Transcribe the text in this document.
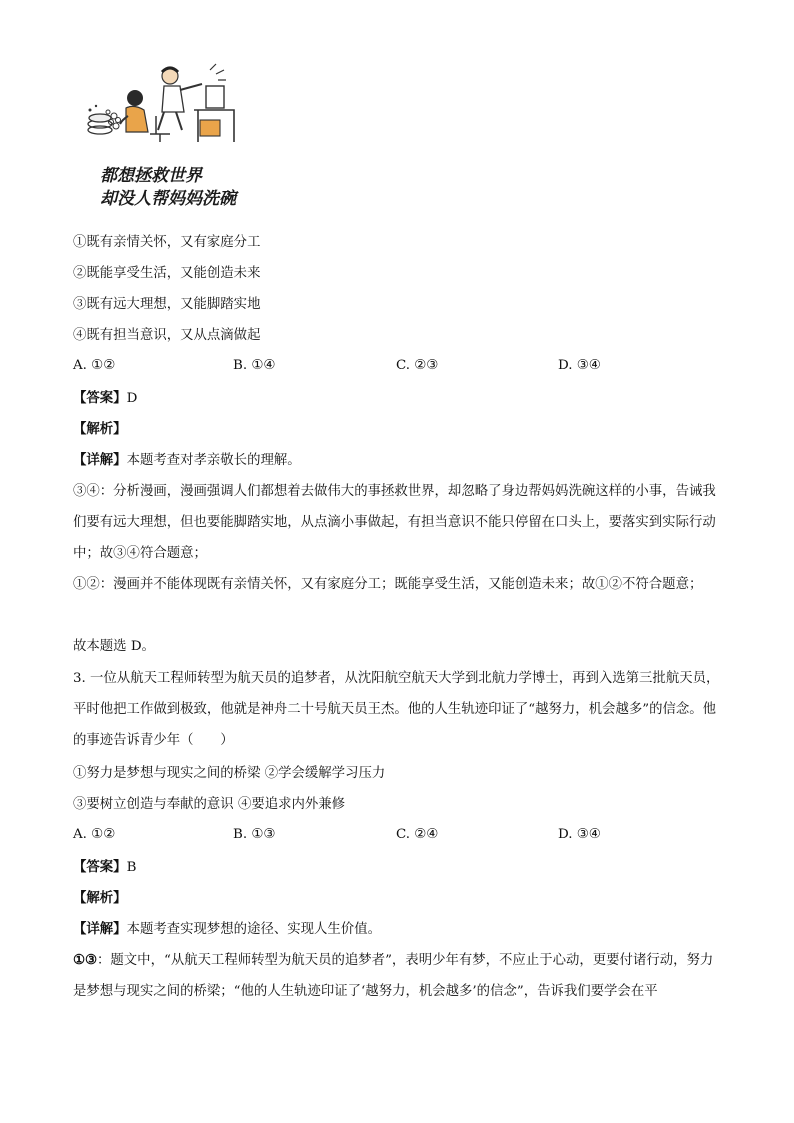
都想拯救世界
却没人帮妈妈洗碗
①既有亲情关怀，又有家庭分工
②既能享受生活，又能创造未来
③既有远大理想，又能脚踏实地
④既有担当意识，又从点滴做起
A. ①②	B. ①④	C. ②③	D. ③④
【答案】D
【解析】
【详解】本题考查对孝亲敬长的理解。
③④：分析漫画，漫画强调人们都想着去做伟大的事拯救世界，却忽略了身边帮妈妈洗碗这样的小事，告诫我们要有远大理想，但也要能脚踏实地，从点滴小事做起，有担当意识不能只停留在口头上，要落实到实际行动中；故③④符合题意；
①②：漫画并不能体现既有亲情关怀，又有家庭分工；既能享受生活，又能创造未来；故①②不符合题意；
故本题选 D。
3. 一位从航天工程师转型为航天员的追梦者，从沈阳航空航天大学到北航力学博士，再到入选第三批航天员，平时他把工作做到极致，他就是神舟二十号航天员王杰。他的人生轨迹印证了“越努力，机会越多”的信念。他的事迹告诉青少年（　　）
①努力是梦想与现实之间的桥梁 ②学会缓解学习压力
③要树立创造与奉献的意识 ④要追求内外兼修
A. ①②	B. ①③	C. ②④	D. ③④
【答案】B
【解析】
【详解】本题考查实现梦想的途径、实现人生价值。
①③：题文中，“从航天工程师转型为航天员的追梦者”，表明少年有梦，不应止于心动，更要付诸行动，努力是梦想与现实之间的桥梁；“他的人生轨迹印证了‘越努力，机会越多’的信念”，告诉我们要学会在平
